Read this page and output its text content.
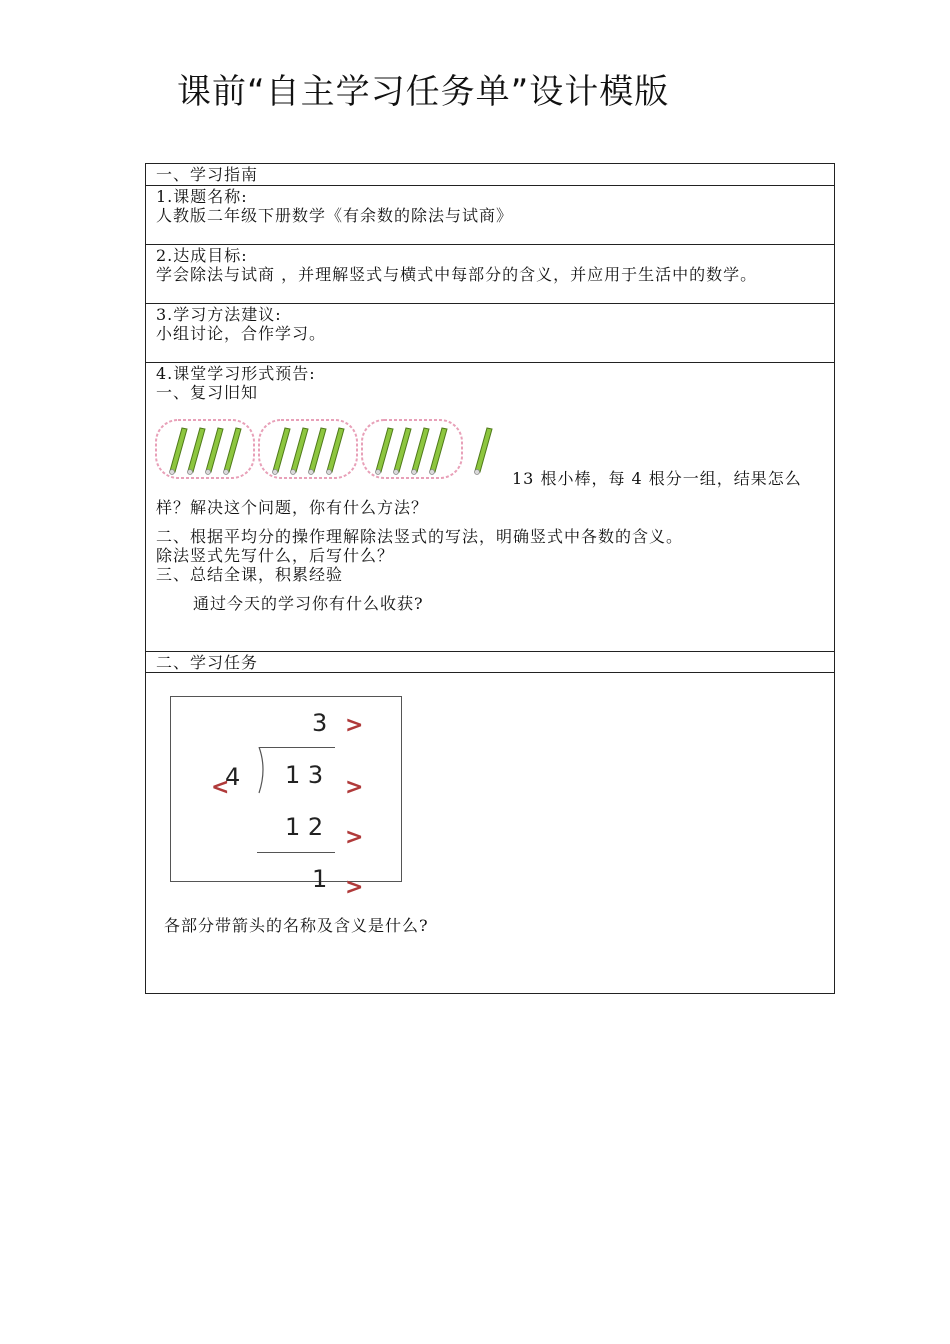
课前“自主学习任务单”设计模版
一、学习指南
1.课题名称:
人教版二年级下册数学《有余数的除法与试商》
2.达成目标:
学会除法与试商 ，并理解竖式与横式中每部分的含义，并应用于生活中的数学。
3.学习方法建议:
小组讨论，合作学习。
4.课堂学习形式预告:
一、复习旧知
13 根小棒，每 4 根分一组，结果怎么
样？解决这个问题，你有什么方法？
二、根据平均分的操作理解除法竖式的写法，明确竖式中各数的含义。
除法竖式先写什么，后写什么？
三、总结全课，积累经验
通过今天的学习你有什么收获?
二、学习任务
3
4 1 3
1 2
1
>
>
>
>
<
各部分带箭头的名称及含义是什么?
